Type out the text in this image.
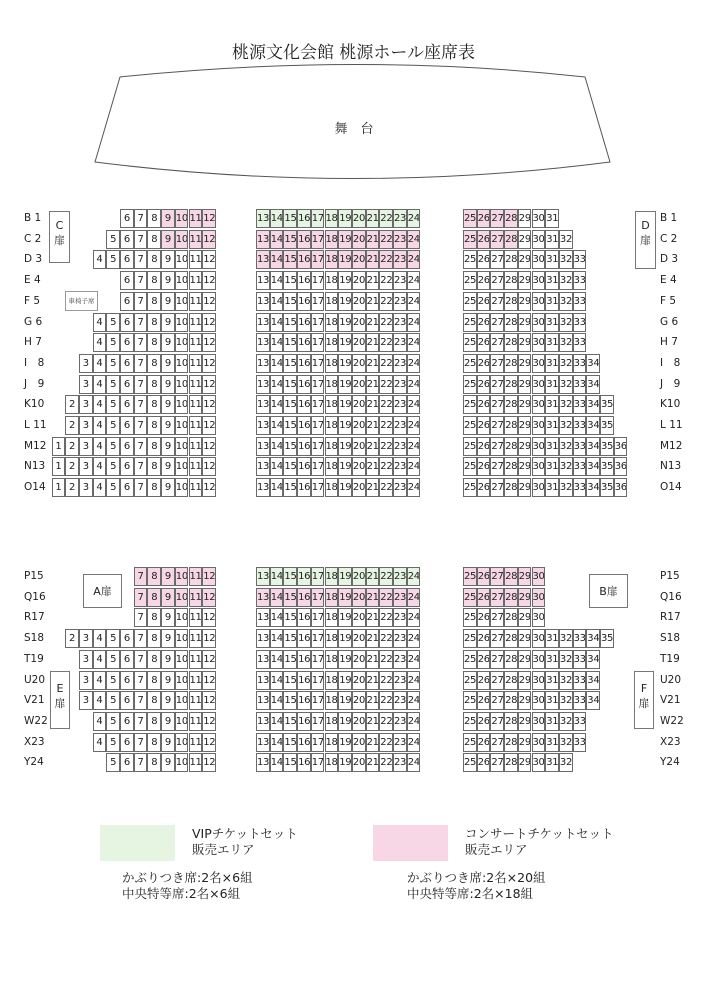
桃源文化会館 桃源ホール座席表
舞　台
車椅子席
C
扉
D
扉
A扉	B扉
E
扉
F
扉
B 1	B 1
6 7 8 9 10 11 12	13 14 15 16 17 18 19 20 21 22 23 24	25 26 27 28 29 30 31
C 2	C 2
5 6 7 8 9 10 11 12	13 14 15 16 17 18 19 20 21 22 23 24	25 26 27 28 29 30 31 32
D 3	D 3
4 5 6 7 8 9 10 11 12	13 14 15 16 17 18 19 20 21 22 23 24	25 26 27 28 29 30 31 32 33
E 4	E 4
6 7 8 9 10 11 12	13 14 15 16 17 18 19 20 21 22 23 24	25 26 27 28 29 30 31 32 33
F 5	F 5
6 7 8 9 10 11 12	13 14 15 16 17 18 19 20 21 22 23 24	25 26 27 28 29 30 31 32 33
G 6	G 6
4 5 6 7 8 9 10 11 12	13 14 15 16 17 18 19 20 21 22 23 24	25 26 27 28 29 30 31 32 33
H 7	H 7
4 5 6 7 8 9 10 11 12	13 14 15 16 17 18 19 20 21 22 23 24	25 26 27 28 29 30 31 32 33
I　8	I　8
3 4 5 6 7 8 9 10 11 12	13 14 15 16 17 18 19 20 21 22 23 24	25 26 27 28 29 30 31 32 33 34
J　9	J　9
3 4 5 6 7 8 9 10 11 12	13 14 15 16 17 18 19 20 21 22 23 24	25 26 27 28 29 30 31 32 33 34
K10	K10
2 3 4 5 6 7 8 9 10 11 12	13 14 15 16 17 18 19 20 21 22 23 24	25 26 27 28 29 30 31 32 33 34 35
L 11	L 11
2 3 4 5 6 7 8 9 10 11 12	13 14 15 16 17 18 19 20 21 22 23 24	25 26 27 28 29 30 31 32 33 34 35
M12	M12
1 2 3 4 5 6 7 8 9 10 11 12	13 14 15 16 17 18 19 20 21 22 23 24	25 26 27 28 29 30 31 32 33 34 35 36
N13	N13
1 2 3 4 5 6 7 8 9 10 11 12	13 14 15 16 17 18 19 20 21 22 23 24	25 26 27 28 29 30 31 32 33 34 35 36
O14	O14
1 2 3 4 5 6 7 8 9 10 11 12	13 14 15 16 17 18 19 20 21 22 23 24	25 26 27 28 29 30 31 32 33 34 35 36
P15	P15
7 8 9 10 11 12	13 14 15 16 17 18 19 20 21 22 23 24	25 26 27 28 29 30
Q16	Q16
7 8 9 10 11 12	13 14 15 16 17 18 19 20 21 22 23 24	25 26 27 28 29 30
R17	R17
7 8 9 10 11 12	13 14 15 16 17 18 19 20 21 22 23 24	25 26 27 28 29 30
S18	S18
2 3 4 5 6 7 8 9 10 11 12	13 14 15 16 17 18 19 20 21 22 23 24	25 26 27 28 29 30 31 32 33 34 35
T19	T19
3 4 5 6 7 8 9 10 11 12	13 14 15 16 17 18 19 20 21 22 23 24	25 26 27 28 29 30 31 32 33 34
U20	U20
3 4 5 6 7 8 9 10 11 12	13 14 15 16 17 18 19 20 21 22 23 24	25 26 27 28 29 30 31 32 33 34
V21	V21
3 4 5 6 7 8 9 10 11 12	13 14 15 16 17 18 19 20 21 22 23 24	25 26 27 28 29 30 31 32 33 34
W22	W22
4 5 6 7 8 9 10 11 12	13 14 15 16 17 18 19 20 21 22 23 24	25 26 27 28 29 30 31 32 33
X23	X23
4 5 6 7 8 9 10 11 12	13 14 15 16 17 18 19 20 21 22 23 24	25 26 27 28 29 30 31 32 33
Y24	Y24
5 6 7 8 9 10 11 12	13 14 15 16 17 18 19 20 21 22 23 24	25 26 27 28 29 30 31 32
VIPチケットセット
販売エリア
かぶりつき席:2名×6組
中央特等席:2名×6組
コンサートチケットセット
販売エリア
かぶりつき席:2名×20組
中央特等席:2名×18組
